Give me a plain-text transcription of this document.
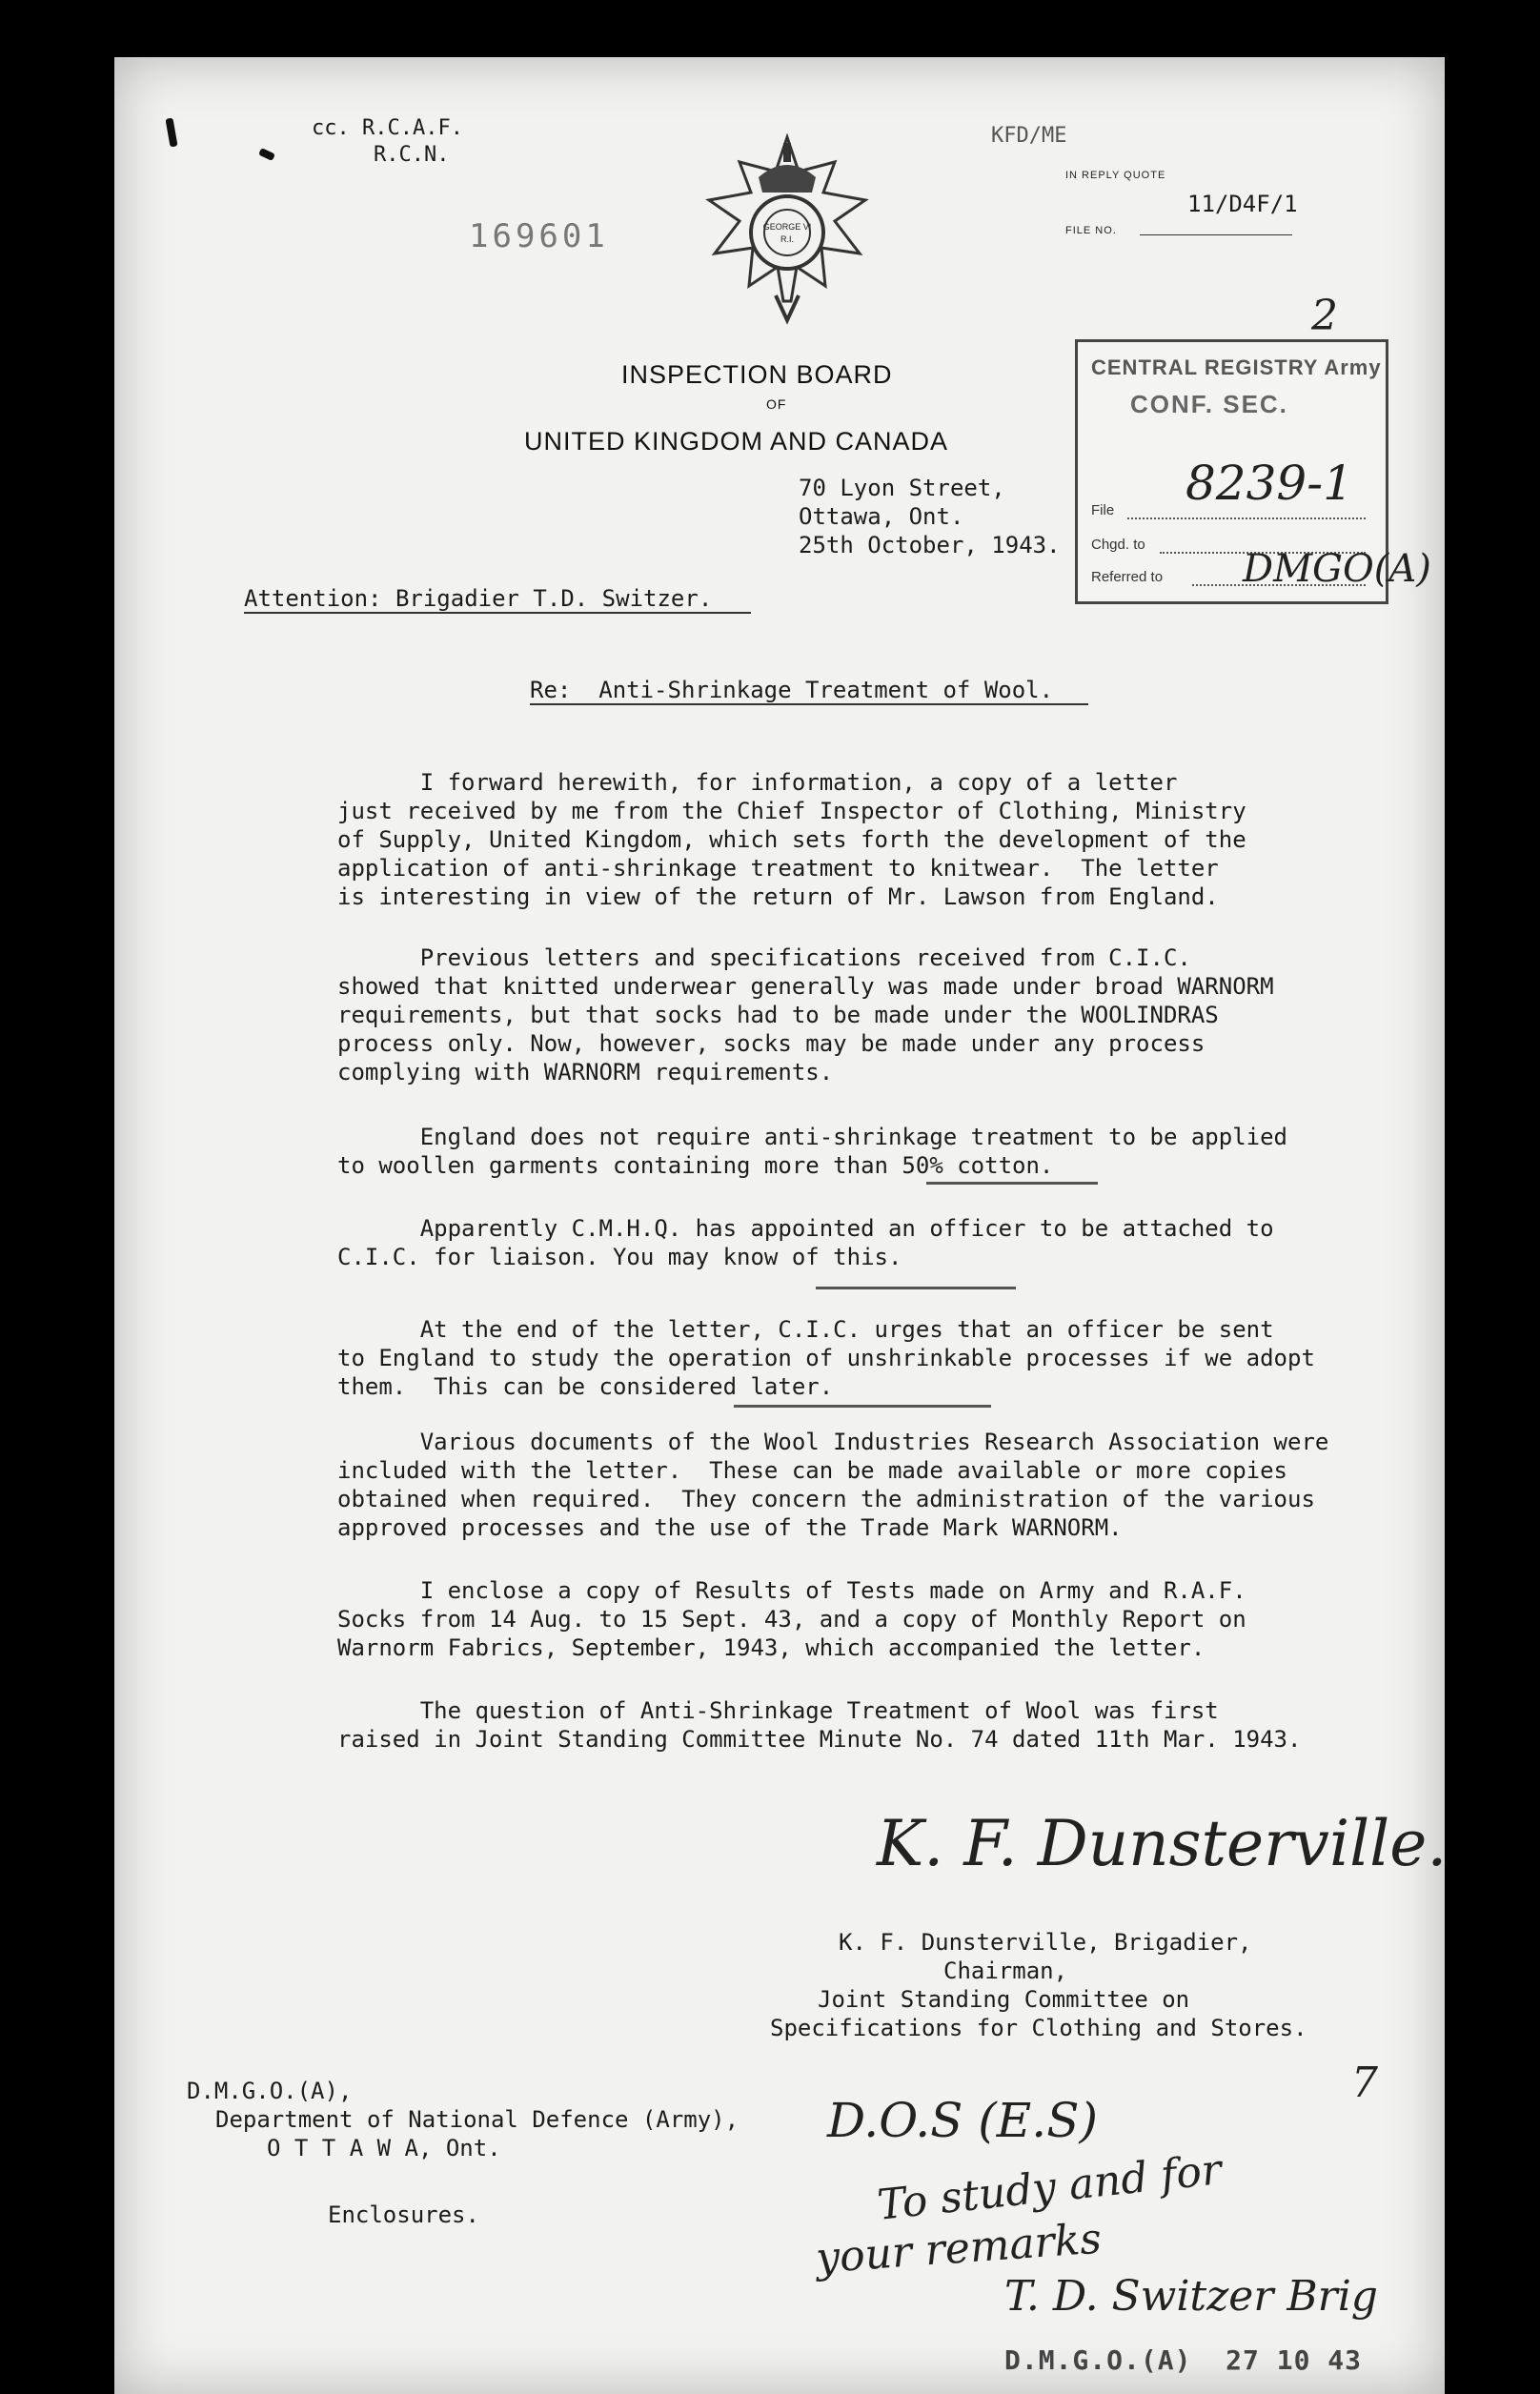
cc. R.C.A.F.
R.C.N.
169601
KFD/ME
IN REPLY QUOTE
11/D4F/1
FILE NO.
GEORGE VI
R.I.
INSPECTION BOARD
OF
UNITED KINGDOM AND CANADA
70 Lyon Street,
Ottawa, Ont.
25th October, 1943.
CENTRAL REGISTRY Army
CONF. SEC.
File
Chgd. to
Referred to
2
8239-1
DMGO(A)
Attention: Brigadier T.D. Switzer.
Re:  Anti-Shrinkage Treatment of Wool.
I forward herewith, for information, a copy of a letter
just received by me from the Chief Inspector of Clothing, Ministry
of Supply, United Kingdom, which sets forth the development of the
application of anti-shrinkage treatment to knitwear.  The letter
is interesting in view of the return of Mr. Lawson from England.
Previous letters and specifications received from C.I.C.
showed that knitted underwear generally was made under broad WARNORM
requirements, but that socks had to be made under the WOOLINDRAS
process only. Now, however, socks may be made under any process
complying with WARNORM requirements.
England does not require anti-shrinkage treatment to be applied
to woollen garments containing more than 50% cotton.
Apparently C.M.H.Q. has appointed an officer to be attached to
C.I.C. for liaison. You may know of this.
At the end of the letter, C.I.C. urges that an officer be sent
to England to study the operation of unshrinkable processes if we adopt
them.  This can be considered later.
Various documents of the Wool Industries Research Association were
included with the letter.  These can be made available or more copies
obtained when required.  They concern the administration of the various
approved processes and the use of the Trade Mark WARNORM.
I enclose a copy of Results of Tests made on Army and R.A.F.
Socks from 14 Aug. to 15 Sept. 43, and a copy of Monthly Report on
Warnorm Fabrics, September, 1943, which accompanied the letter.
The question of Anti-Shrinkage Treatment of Wool was first
raised in Joint Standing Committee Minute No. 74 dated 11th Mar. 1943.
K. F. Dunsterville.
K. F. Dunsterville, Brigadier,
Chairman,
Joint Standing Committee on
Specifications for Clothing and Stores.
D.M.G.O.(A),
Department of National Defence (Army),
O T T A W A, Ont.
Enclosures.
7
D.O.S (E.S)
To study and for
your remarks
T. D. Switzer Brig
D.M.G.O.(A)  27 10 43
